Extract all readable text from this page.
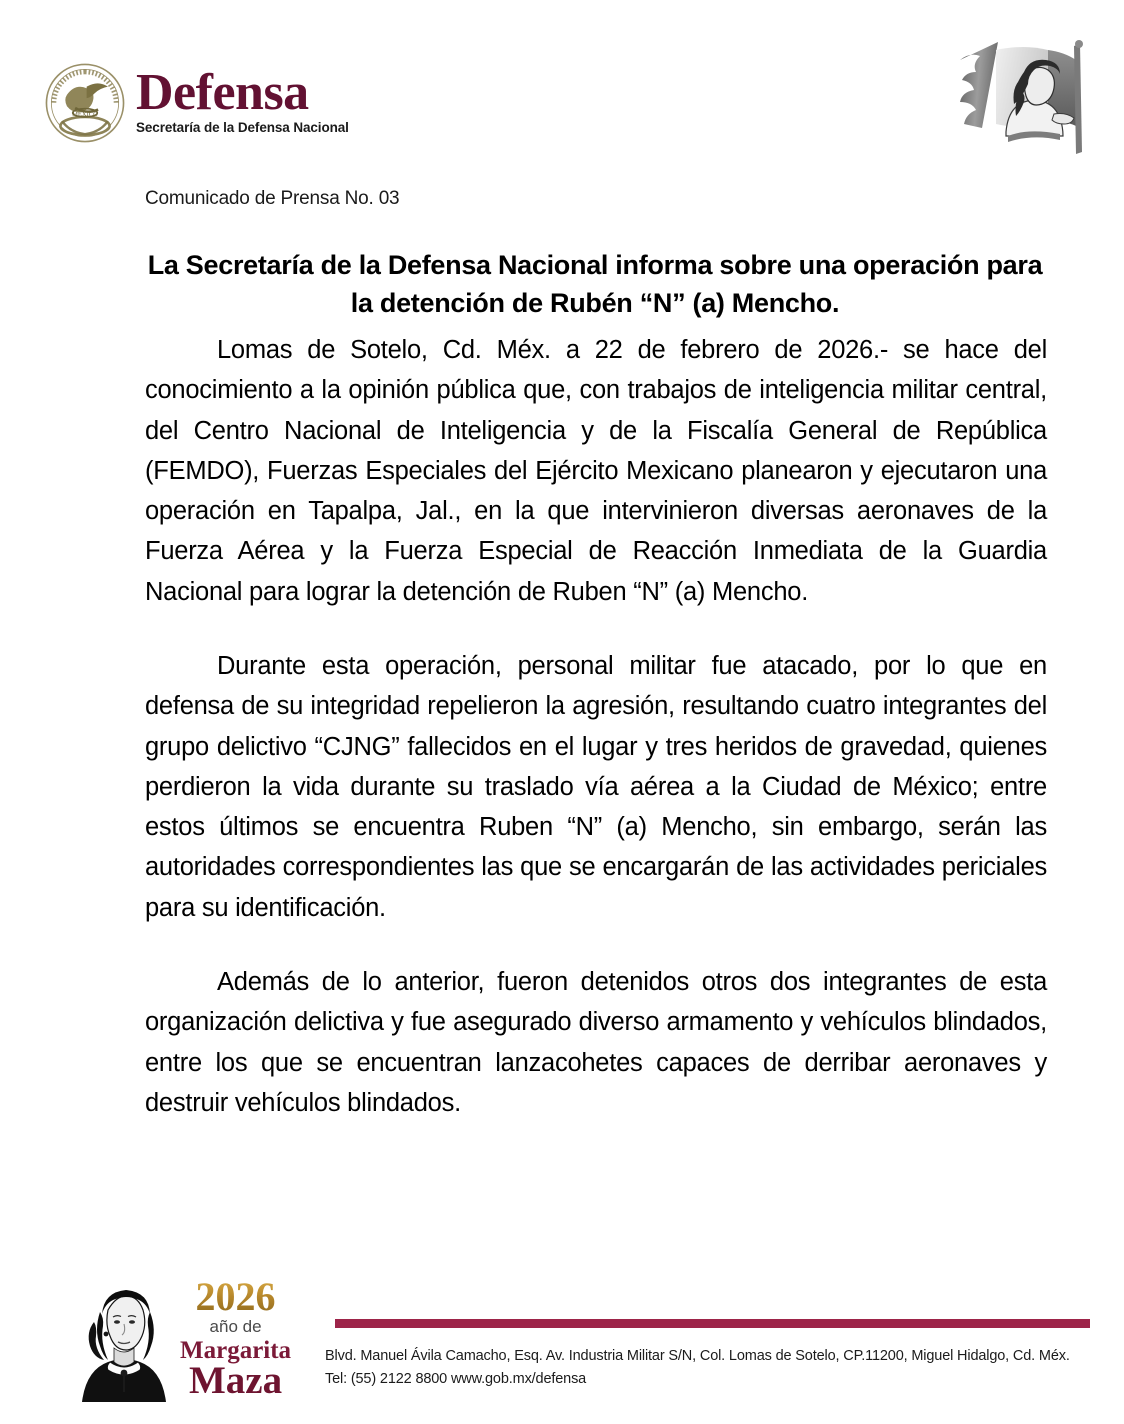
MÉXICO Defensa
Secretaría de la Defensa Nacional
Comunicado de Prensa No. 03
La Secretaría de la Defensa Nacional informa sobre una operación para la detención de Rubén “N” (a) Mencho.

Lomas de Sotelo, Cd. Méx. a 22 de febrero de 2026.- se hace del conocimiento a la opinión pública que, con trabajos de inteligencia militar central, del Centro Nacional de Inteligencia y de la Fiscalía General de República (FEMDO), Fuerzas Especiales del Ejército Mexicano planearon y ejecutaron una operación en Tapalpa, Jal., en la que intervinieron diversas aeronaves de la Fuerza Aérea y la Fuerza Especial de Reacción Inmediata de la Guardia Nacional para lograr la detención de Ruben “N” (a) Mencho.

Durante esta operación, personal militar fue atacado, por lo que en defensa de su integridad repelieron la agresión, resultando cuatro integrantes del grupo delictivo “CJNG” fallecidos en el lugar y tres heridos de gravedad, quienes perdieron la vida durante su traslado vía aérea a la Ciudad de México; entre estos últimos se encuentra Ruben “N” (a) Mencho, sin embargo, serán las autoridades correspondientes las que se encargarán de las actividades periciales para su identificación.

Además de lo anterior, fueron detenidos otros dos integrantes de esta organización delictiva y fue asegurado diverso armamento y vehículos blindados, entre los que se encuentran lanzacohetes capaces de derribar aeronaves y destruir vehículos blindados.

2026
año de
Margarita
Maza
Blvd. Manuel Ávila Camacho, Esq. Av. Industria Militar S/N, Col. Lomas de Sotelo, CP.11200, Miguel Hidalgo, Cd. Méx.
Tel: (55) 2122 8800 www.gob.mx/defensa
